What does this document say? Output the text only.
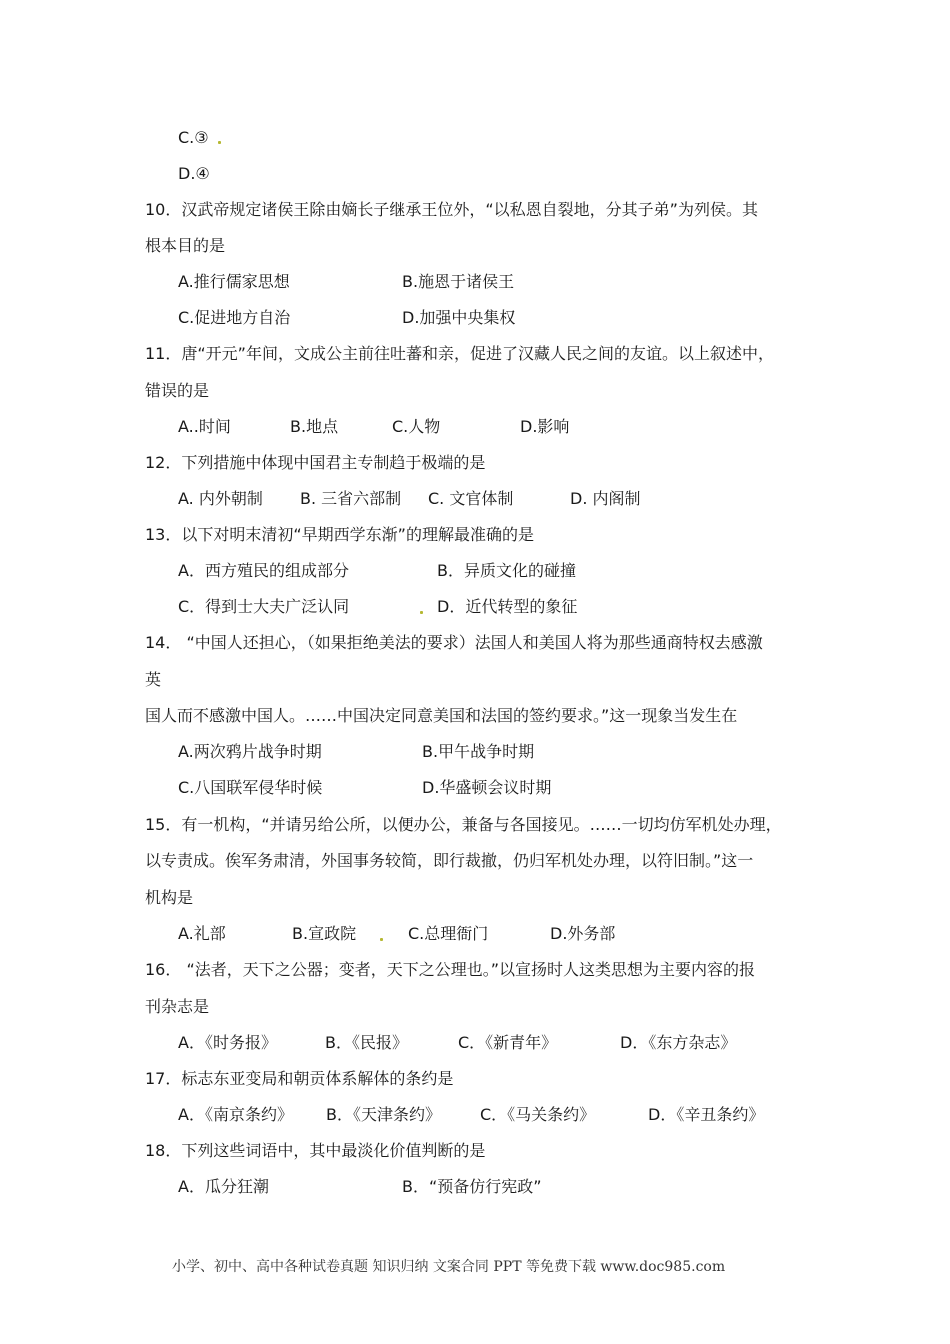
C.③
D.④
10．汉武帝规定诸侯王除由嫡长子继承王位外，“以私恩自裂地，分其子弟”为列侯。其
根本目的是
A.推行儒家思想	B.施恩于诸侯王
C.促进地方自治	D.加强中央集权
11．唐“开元”年间，文成公主前往吐蕃和亲，促进了汉藏人民之间的友谊。以上叙述中，
错误的是
A..时间	B.地点	C.人物	D.影响
12．下列措施中体现中国君主专制趋于极端的是
A. 内外朝制 B. 三省六部制 C. 文官体制	D. 内阁制
13．以下对明末清初“早期西学东渐”的理解最准确的是
A．西方殖民的组成部分	B．异质文化的碰撞
C．得到士大夫广泛认同	D．近代转型的象征
14． “中国人还担心，（如果拒绝美法的要求）法国人和美国人将为那些通商特权去感激
英
国人而不感激中国人。……中国决定同意美国和法国的签约要求。”这一现象当发生在
A.两次鸦片战争时期	B.甲午战争时期
C.八国联军侵华时候	D.华盛顿会议时期
15．有一机构，“并请另给公所，以便办公，兼备与各国接见。……一切均仿军机处办理，
以专责成。俟军务肃清，外国事务较简，即行裁撤，仍归军机处办理，以符旧制。”这一
机构是
A.礼部	B.宣政院	C.总理衙门	D.外务部
16． “法者，天下之公器；变者，天下之公理也。”以宣扬时人这类思想为主要内容的报
刊杂志是
A．《时务报》	B．《民报》	C．《新青年》	D．《东方杂志》
17．标志东亚变局和朝贡体系解体的条约是
A．《南京条约》 B．《天津条约》 C．《马关条约》	D．《辛丑条约》
18．下列这些词语中，其中最淡化价值判断的是
A．瓜分狂潮	B．“预备仿行宪政”
小学、初中、高中各种试卷真题 知识归纳 文案合同 PPT 等免费下载 www.doc985.com
